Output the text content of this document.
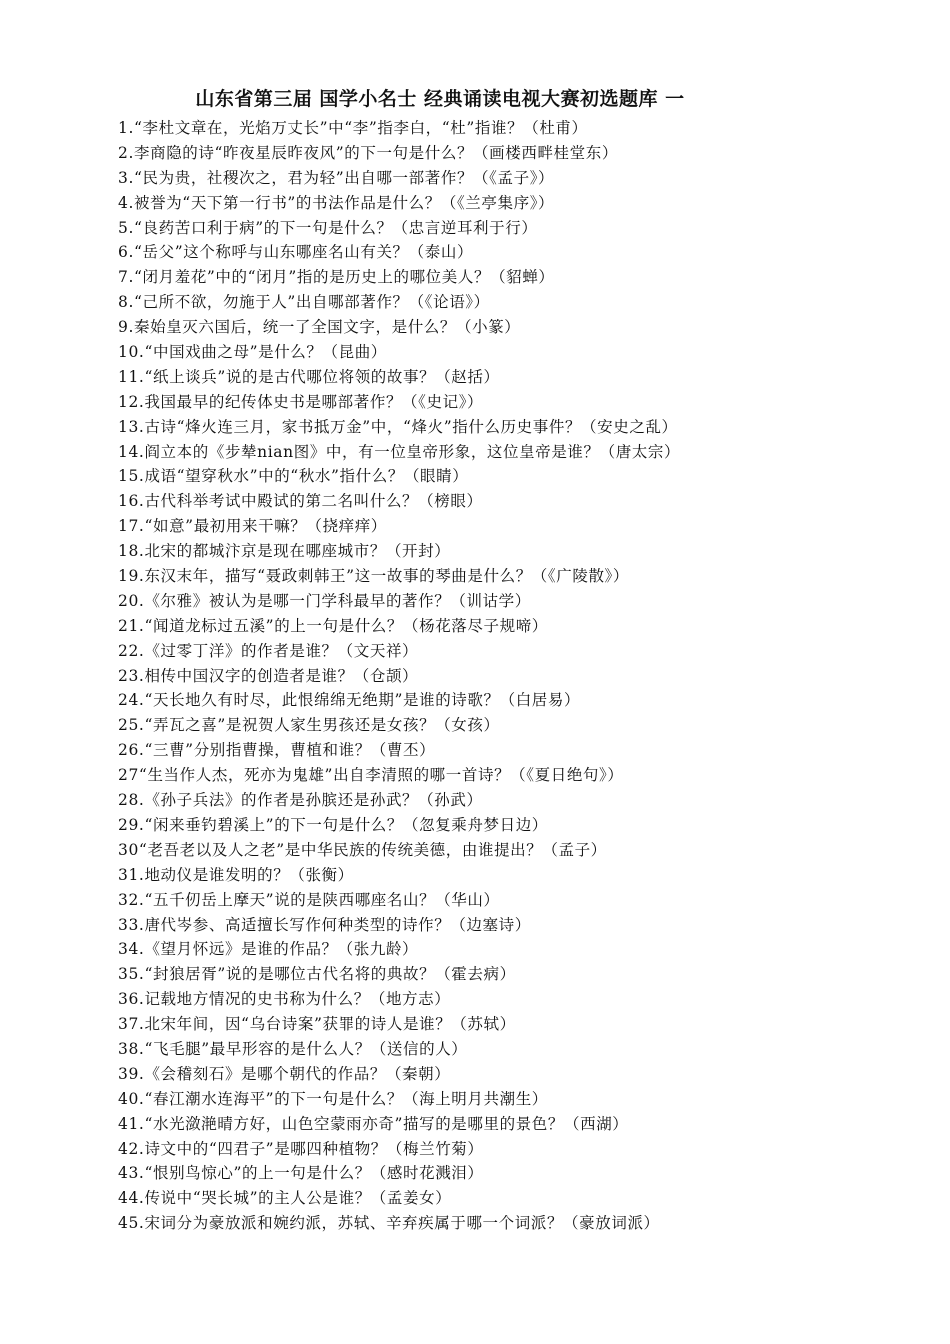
山东省第三届 国学小名士 经典诵读电视大赛初选题库 一
1.“李杜文章在，光焰万丈长”中“李”指李白，“杜”指谁？（杜甫）
2.李商隐的诗“昨夜星辰昨夜风”的下一句是什么？（画楼西畔桂堂东）
3.“民为贵，社稷次之，君为轻”出自哪一部著作？（《孟子》）
4.被誉为“天下第一行书”的书法作品是什么？（《兰亭集序》）
5.“良药苦口利于病”的下一句是什么？（忠言逆耳利于行）
6.“岳父”这个称呼与山东哪座名山有关？（泰山）
7.“闭月羞花”中的“闭月”指的是历史上的哪位美人？（貂蝉）
8.“己所不欲，勿施于人”出自哪部著作？（《论语》）
9.秦始皇灭六国后，统一了全国文字，是什么？（小篆）
10.“中国戏曲之母”是什么？（昆曲）
11.“纸上谈兵”说的是古代哪位将领的故事？（赵括）
12.我国最早的纪传体史书是哪部著作？（《史记》）
13.古诗“烽火连三月，家书抵万金”中，“烽火”指什么历史事件？（安史之乱）
14.阎立本的《步辇nian图》中，有一位皇帝形象，这位皇帝是谁？（唐太宗）
15.成语“望穿秋水”中的“秋水”指什么？（眼睛）
16.古代科举考试中殿试的第二名叫什么？（榜眼）
17.“如意”最初用来干嘛？（挠痒痒）
18.北宋的都城汴京是现在哪座城市？（开封）
19.东汉末年，描写“聂政刺韩王”这一故事的琴曲是什么？（《广陵散》）
20.《尔雅》被认为是哪一门学科最早的著作？（训诂学）
21.“闻道龙标过五溪”的上一句是什么？（杨花落尽子规啼）
22.《过零丁洋》的作者是谁？（文天祥）
23.相传中国汉字的创造者是谁？（仓颉）
24.“天长地久有时尽，此恨绵绵无绝期”是谁的诗歌？（白居易）
25.“弄瓦之喜”是祝贺人家生男孩还是女孩？（女孩）
26.“三曹”分别指曹操，曹植和谁？（曹丕）
27“生当作人杰，死亦为鬼雄”出自李清照的哪一首诗？（《夏日绝句》）
28.《孙子兵法》的作者是孙膑还是孙武？（孙武）
29.“闲来垂钓碧溪上”的下一句是什么？（忽复乘舟梦日边）
30“老吾老以及人之老”是中华民族的传统美德，由谁提出？（孟子）
31.地动仪是谁发明的？（张衡）
32.“五千仞岳上摩天”说的是陕西哪座名山？（华山）
33.唐代岑参、高适擅长写作何种类型的诗作？（边塞诗）
34.《望月怀远》是谁的作品？（张九龄）
35.“封狼居胥”说的是哪位古代名将的典故？（霍去病）
36.记载地方情况的史书称为什么？（地方志）
37.北宋年间，因“乌台诗案”获罪的诗人是谁？（苏轼）
38.“飞毛腿”最早形容的是什么人？（送信的人）
39.《会稽刻石》是哪个朝代的作品？（秦朝）
40.“春江潮水连海平”的下一句是什么？（海上明月共潮生）
41.“水光潋滟晴方好，山色空蒙雨亦奇”描写的是哪里的景色？（西湖）
42.诗文中的“四君子”是哪四种植物？（梅兰竹菊）
43.“恨别鸟惊心”的上一句是什么？（感时花溅泪）
44.传说中“哭长城”的主人公是谁？（孟姜女）
45.宋词分为豪放派和婉约派，苏轼、辛弃疾属于哪一个词派？（豪放词派）
